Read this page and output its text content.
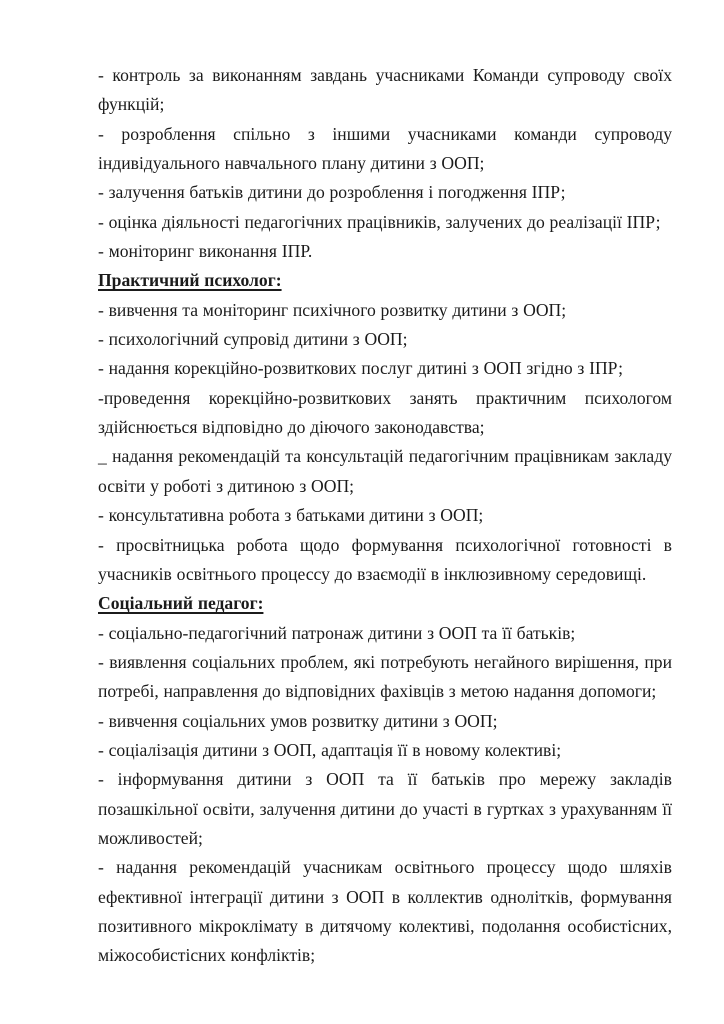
- контроль за виконанням завдань учасниками Команди супроводу своїх функцій;

- розроблення спільно з іншими учасниками команди супроводу індивідуального навчального плану дитини з ООП;

- залучення батьків дитини до розроблення і погодження ІПР;

- оцінка діяльності педагогічних працівників, залучених до реалізації ІПР;

- моніторинг виконання ІПР.

Практичний психолог:

- вивчення та моніторинг психічного розвитку дитини з ООП;

- психологічний супровід дитини з ООП;

- надання корекційно-розвиткових послуг дитині з ООП згідно з ІПР;

-проведення корекційно-розвиткових занять практичним психологом здійснюється відповідно до діючого законодавства;

_ надання рекомендацій та консультацій педагогічним працівникам закладу освіти у роботі з дитиною з ООП;

- консультативна робота з батьками дитини з ООП;

- просвітницька робота щодо формування психологічної готовності в учасників освітнього процессу до взаємодії в інклюзивному середовищі.

Соціальний педагог:

- соціально-педагогічний патронаж дитини з ООП та її батьків;

- виявлення соціальних проблем, які потребують негайного вирішення, при потребі, направлення до відповідних фахівців з метою надання допомоги;

- вивчення соціальних умов розвитку дитини з ООП;

- соціалізація дитини з ООП, адаптація її в новому колективі;

- інформування дитини з ООП та її батьків про мережу закладів позашкільної освіти, залучення дитини до участі в гуртках з урахуванням її можливостей;

- надання рекомендацій учасникам освітнього процессу щодо шляхів ефективної інтеграції дитини з ООП в коллектив однолітків, формування позитивного мікроклімату в дитячому колективі, подолання особистісних, міжособистісних конфліктів;
